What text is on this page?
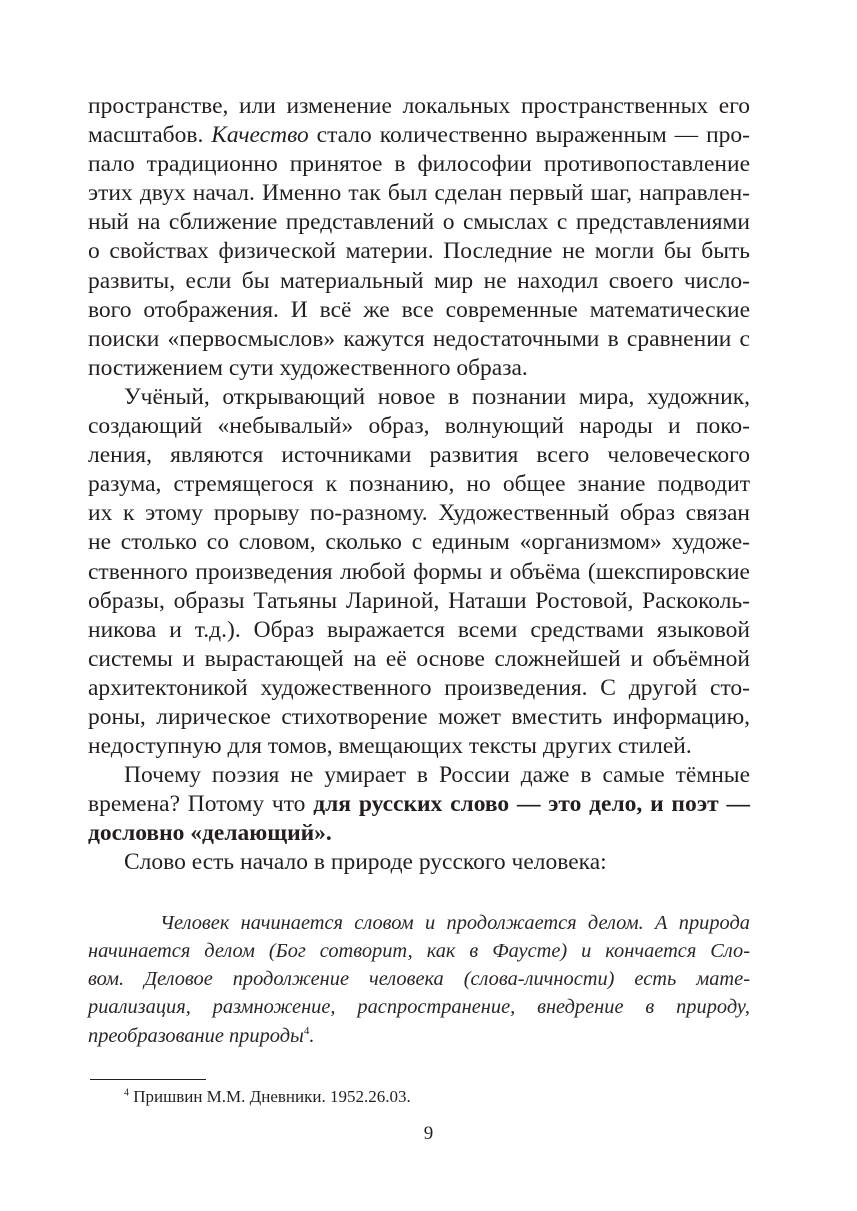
пространстве, или изменение локальных пространственных его
масштабов. Качество стало количественно выраженным — про-
пало традиционно принятое в философии противопоставление
этих двух начал. Именно так был сделан первый шаг, направлен-
ный на сближение представлений о смыслах с представлениями
о свойствах физической материи. Последние не могли бы быть
развиты, если бы материальный мир не находил своего числo-
вого отображения. И всё же все современные математические
поиски «первосмыслов» кажутся недостаточными в сравнении с
постижением сути художественного образа.
Учёный, открывающий новое в познании мира, художник,
создающий «небывалый» образ, волнующий народы и поко-
ления, являются источниками развития всего человеческого
разума, стремящегося к познанию, но общее знание подводит
их к этому прорыву по-разному. Художественный образ связан
не столько со словом, сколько с единым «организмом» художе-
ственного произведения любой формы и объёма (шекспировские
образы, образы Татьяны Лариной, Наташи Ростовой, Раскоколь-
никова и т.д.). Образ выражается всеми средствами языковой
системы и вырастающей на её основе сложнейшей и объёмной
архитектоникой художественного произведения. С другой сто-
роны, лирическое стихотворение может вместить информацию,
недоступную для томов, вмещающих тексты других стилей.
Почему поэзия не умирает в России даже в самые тёмные
времена? Потому что для русских слово — это дело, и поэт —
дословно «делающий».
Слово есть начало в природе русского человека:
Человек начинается словом и продолжается делом. А природа
начинается делом (Бог сотворит, как в Фаусте) и кончается Сло-
вом. Деловое продолжение человека (слова-личности) есть мате-
риализация, размножение, распространение, внедрение в природу,
преобразование природы$^4$.
$^4$ Пришвин М.М. Дневники. 1952.26.03.
9
